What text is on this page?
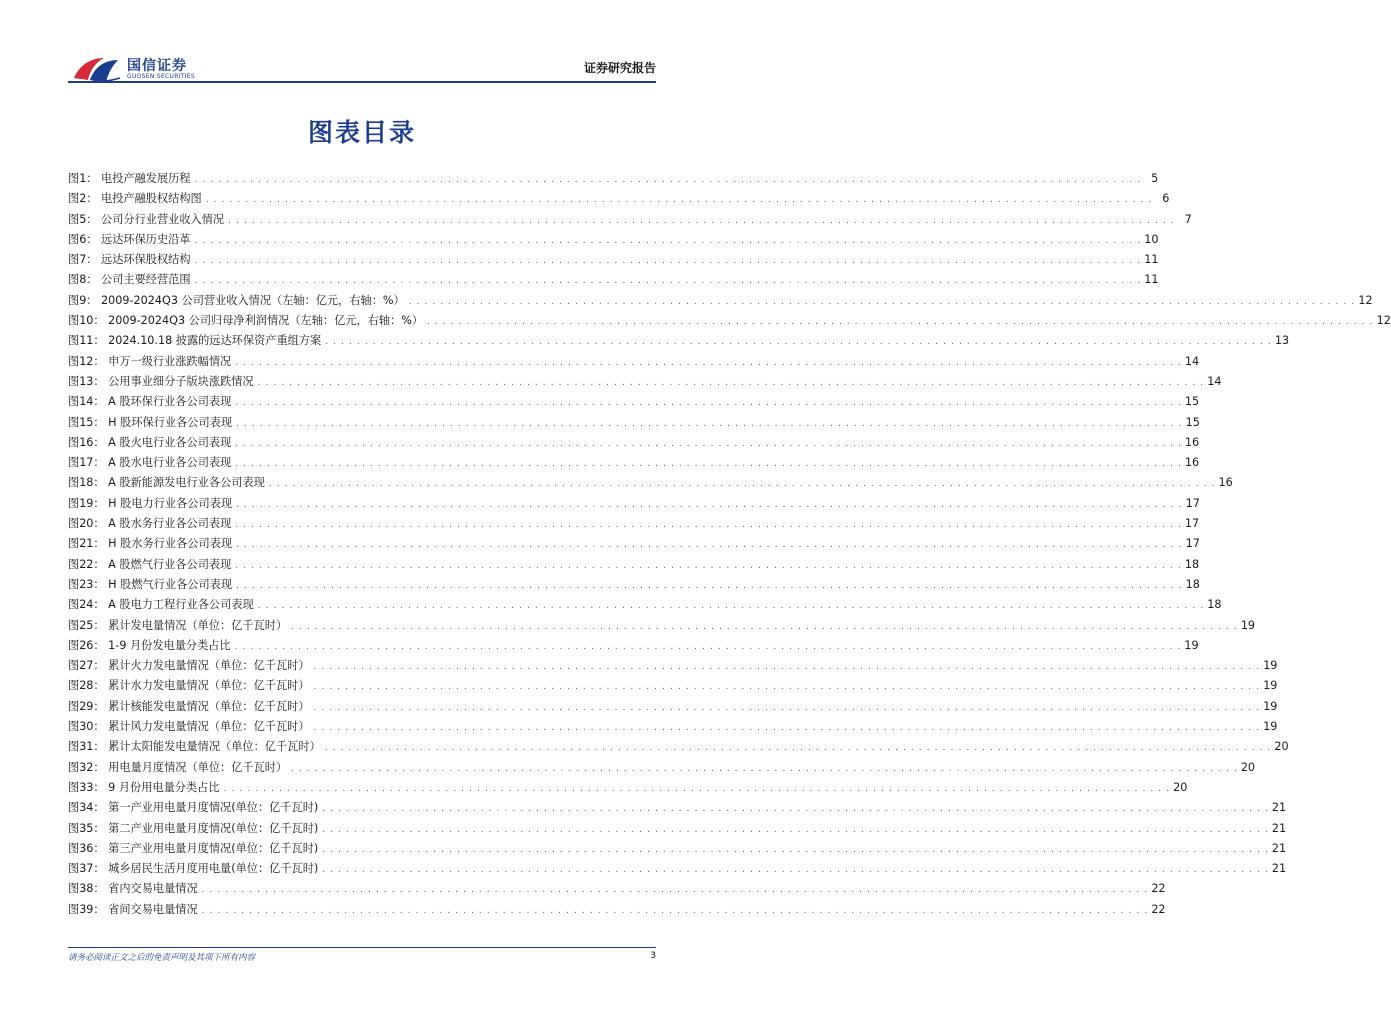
国信证券
GUOSEN SECURITIES
证券研究报告
图表目录
图1： 电投产融发展历程 . . . . . . . . . . . . . . . . . . . . . . . . . . . . . . . . . . . . . . . . . . . . . . . . . . . . . . . . . . . . . . . . . . . . . . . . . . . . . . . . . . . . . . . . . . . . . . . . . . . . . . . . . . . . . . . . . . . . . . . . 5
图2： 电投产融股权结构图 . . . . . . . . . . . . . . . . . . . . . . . . . . . . . . . . . . . . . . . . . . . . . . . . . . . . . . . . . . . . . . . . . . . . . . . . . . . . . . . . . . . . . . . . . . . . . . . . . . . . . . . . . . . . . . . . . . . . . . . . 6
图5： 公司分行业营业收入情况 . . . . . . . . . . . . . . . . . . . . . . . . . . . . . . . . . . . . . . . . . . . . . . . . . . . . . . . . . . . . . . . . . . . . . . . . . . . . . . . . . . . . . . . . . . . . . . . . . . . . . . . . . . . . . . . . . . . . . . . . 7
图6： 远达环保历史沿革 . . . . . . . . . . . . . . . . . . . . . . . . . . . . . . . . . . . . . . . . . . . . . . . . . . . . . . . . . . . . . . . . . . . . . . . . . . . . . . . . . . . . . . . . . . . . . . . . . . . . . . . . . . . . . . . . . . . . . . . . 10
图7： 远达环保股权结构 . . . . . . . . . . . . . . . . . . . . . . . . . . . . . . . . . . . . . . . . . . . . . . . . . . . . . . . . . . . . . . . . . . . . . . . . . . . . . . . . . . . . . . . . . . . . . . . . . . . . . . . . . . . . . . . . . . . . . . . . 11
图8： 公司主要经营范围 . . . . . . . . . . . . . . . . . . . . . . . . . . . . . . . . . . . . . . . . . . . . . . . . . . . . . . . . . . . . . . . . . . . . . . . . . . . . . . . . . . . . . . . . . . . . . . . . . . . . . . . . . . . . . . . . . . . . . . . . 11
图9： 2009-2024Q3 公司营业收入情况（左轴：亿元，右轴：%） . . . . . . . . . . . . . . . . . . . . . . . . . . . . . . . . . . . . . . . . . . . . . . . . . . . . . . . . . . . . . . . . . . . . . . . . . . . . . . . . . . . . . . . . . . . . . . . . . . . . . . . . . . . . . . . . . . . . . . . . 12
图10： 2009-2024Q3 公司归母净利润情况（左轴：亿元，右轴：%） . . . . . . . . . . . . . . . . . . . . . . . . . . . . . . . . . . . . . . . . . . . . . . . . . . . . . . . . . . . . . . . . . . . . . . . . . . . . . . . . . . . . . . . . . . . . . . . . . . . . . . . . . . . . . . . . . . . . . . . . 12
图11： 2024.10.18 披露的远达环保资产重组方案 . . . . . . . . . . . . . . . . . . . . . . . . . . . . . . . . . . . . . . . . . . . . . . . . . . . . . . . . . . . . . . . . . . . . . . . . . . . . . . . . . . . . . . . . . . . . . . . . . . . . . . . . . . . . . . . . . . . . . . . . 13
图12： 申万一级行业涨跌幅情况 . . . . . . . . . . . . . . . . . . . . . . . . . . . . . . . . . . . . . . . . . . . . . . . . . . . . . . . . . . . . . . . . . . . . . . . . . . . . . . . . . . . . . . . . . . . . . . . . . . . . . . . . . . . . . . . . . . . . . . . . 14
图13： 公用事业细分子版块涨跌情况 . . . . . . . . . . . . . . . . . . . . . . . . . . . . . . . . . . . . . . . . . . . . . . . . . . . . . . . . . . . . . . . . . . . . . . . . . . . . . . . . . . . . . . . . . . . . . . . . . . . . . . . . . . . . . . . . . . . . . . . . 14
图14： A 股环保行业各公司表现 . . . . . . . . . . . . . . . . . . . . . . . . . . . . . . . . . . . . . . . . . . . . . . . . . . . . . . . . . . . . . . . . . . . . . . . . . . . . . . . . . . . . . . . . . . . . . . . . . . . . . . . . . . . . . . . . . . . . . . . . 15
图15： H 股环保行业各公司表现 . . . . . . . . . . . . . . . . . . . . . . . . . . . . . . . . . . . . . . . . . . . . . . . . . . . . . . . . . . . . . . . . . . . . . . . . . . . . . . . . . . . . . . . . . . . . . . . . . . . . . . . . . . . . . . . . . . . . . . . . 15
图16： A 股火电行业各公司表现 . . . . . . . . . . . . . . . . . . . . . . . . . . . . . . . . . . . . . . . . . . . . . . . . . . . . . . . . . . . . . . . . . . . . . . . . . . . . . . . . . . . . . . . . . . . . . . . . . . . . . . . . . . . . . . . . . . . . . . . . 16
图17： A 股水电行业各公司表现 . . . . . . . . . . . . . . . . . . . . . . . . . . . . . . . . . . . . . . . . . . . . . . . . . . . . . . . . . . . . . . . . . . . . . . . . . . . . . . . . . . . . . . . . . . . . . . . . . . . . . . . . . . . . . . . . . . . . . . . . 16
图18： A 股新能源发电行业各公司表现 . . . . . . . . . . . . . . . . . . . . . . . . . . . . . . . . . . . . . . . . . . . . . . . . . . . . . . . . . . . . . . . . . . . . . . . . . . . . . . . . . . . . . . . . . . . . . . . . . . . . . . . . . . . . . . . . . . . . . . . . 16
图19： H 股电力行业各公司表现 . . . . . . . . . . . . . . . . . . . . . . . . . . . . . . . . . . . . . . . . . . . . . . . . . . . . . . . . . . . . . . . . . . . . . . . . . . . . . . . . . . . . . . . . . . . . . . . . . . . . . . . . . . . . . . . . . . . . . . . . 17
图20： A 股水务行业各公司表现 . . . . . . . . . . . . . . . . . . . . . . . . . . . . . . . . . . . . . . . . . . . . . . . . . . . . . . . . . . . . . . . . . . . . . . . . . . . . . . . . . . . . . . . . . . . . . . . . . . . . . . . . . . . . . . . . . . . . . . . . 17
图21： H 股水务行业各公司表现 . . . . . . . . . . . . . . . . . . . . . . . . . . . . . . . . . . . . . . . . . . . . . . . . . . . . . . . . . . . . . . . . . . . . . . . . . . . . . . . . . . . . . . . . . . . . . . . . . . . . . . . . . . . . . . . . . . . . . . . . 17
图22： A 股燃气行业各公司表现 . . . . . . . . . . . . . . . . . . . . . . . . . . . . . . . . . . . . . . . . . . . . . . . . . . . . . . . . . . . . . . . . . . . . . . . . . . . . . . . . . . . . . . . . . . . . . . . . . . . . . . . . . . . . . . . . . . . . . . . . 18
图23： H 股燃气行业各公司表现 . . . . . . . . . . . . . . . . . . . . . . . . . . . . . . . . . . . . . . . . . . . . . . . . . . . . . . . . . . . . . . . . . . . . . . . . . . . . . . . . . . . . . . . . . . . . . . . . . . . . . . . . . . . . . . . . . . . . . . . . 18
图24： A 股电力工程行业各公司表现 . . . . . . . . . . . . . . . . . . . . . . . . . . . . . . . . . . . . . . . . . . . . . . . . . . . . . . . . . . . . . . . . . . . . . . . . . . . . . . . . . . . . . . . . . . . . . . . . . . . . . . . . . . . . . . . . . . . . . . . . 18
图25： 累计发电量情况（单位：亿千瓦时） . . . . . . . . . . . . . . . . . . . . . . . . . . . . . . . . . . . . . . . . . . . . . . . . . . . . . . . . . . . . . . . . . . . . . . . . . . . . . . . . . . . . . . . . . . . . . . . . . . . . . . . . . . . . . . . . . . . . . . . . 19
图26： 1-9 月份发电量分类占比 . . . . . . . . . . . . . . . . . . . . . . . . . . . . . . . . . . . . . . . . . . . . . . . . . . . . . . . . . . . . . . . . . . . . . . . . . . . . . . . . . . . . . . . . . . . . . . . . . . . . . . . . . . . . . . . . . . . . . . . . 19
图27： 累计火力发电量情况（单位：亿千瓦时） . . . . . . . . . . . . . . . . . . . . . . . . . . . . . . . . . . . . . . . . . . . . . . . . . . . . . . . . . . . . . . . . . . . . . . . . . . . . . . . . . . . . . . . . . . . . . . . . . . . . . . . . . . . . . . . . . . . . . . . . 19
图28： 累计水力发电量情况（单位：亿千瓦时） . . . . . . . . . . . . . . . . . . . . . . . . . . . . . . . . . . . . . . . . . . . . . . . . . . . . . . . . . . . . . . . . . . . . . . . . . . . . . . . . . . . . . . . . . . . . . . . . . . . . . . . . . . . . . . . . . . . . . . . . 19
图29： 累计核能发电量情况（单位：亿千瓦时） . . . . . . . . . . . . . . . . . . . . . . . . . . . . . . . . . . . . . . . . . . . . . . . . . . . . . . . . . . . . . . . . . . . . . . . . . . . . . . . . . . . . . . . . . . . . . . . . . . . . . . . . . . . . . . . . . . . . . . . . 19
图30： 累计风力发电量情况（单位：亿千瓦时） . . . . . . . . . . . . . . . . . . . . . . . . . . . . . . . . . . . . . . . . . . . . . . . . . . . . . . . . . . . . . . . . . . . . . . . . . . . . . . . . . . . . . . . . . . . . . . . . . . . . . . . . . . . . . . . . . . . . . . . . 19
图31： 累计太阳能发电量情况（单位：亿千瓦时） . . . . . . . . . . . . . . . . . . . . . . . . . . . . . . . . . . . . . . . . . . . . . . . . . . . . . . . . . . . . . . . . . . . . . . . . . . . . . . . . . . . . . . . . . . . . . . . . . . . . . . . . . . . . . . . . . . . . . . . . 20
图32： 用电量月度情况（单位：亿千瓦时） . . . . . . . . . . . . . . . . . . . . . . . . . . . . . . . . . . . . . . . . . . . . . . . . . . . . . . . . . . . . . . . . . . . . . . . . . . . . . . . . . . . . . . . . . . . . . . . . . . . . . . . . . . . . . . . . . . . . . . . . 20
图33： 9 月份用电量分类占比 . . . . . . . . . . . . . . . . . . . . . . . . . . . . . . . . . . . . . . . . . . . . . . . . . . . . . . . . . . . . . . . . . . . . . . . . . . . . . . . . . . . . . . . . . . . . . . . . . . . . . . . . . . . . . . . . . . . . . . . . 20
图34： 第一产业用电量月度情况(单位：亿千瓦时) . . . . . . . . . . . . . . . . . . . . . . . . . . . . . . . . . . . . . . . . . . . . . . . . . . . . . . . . . . . . . . . . . . . . . . . . . . . . . . . . . . . . . . . . . . . . . . . . . . . . . . . . . . . . . . . . . . . . . . . . 21
图35： 第二产业用电量月度情况(单位：亿千瓦时) . . . . . . . . . . . . . . . . . . . . . . . . . . . . . . . . . . . . . . . . . . . . . . . . . . . . . . . . . . . . . . . . . . . . . . . . . . . . . . . . . . . . . . . . . . . . . . . . . . . . . . . . . . . . . . . . . . . . . . . . 21
图36： 第三产业用电量月度情况(单位：亿千瓦时) . . . . . . . . . . . . . . . . . . . . . . . . . . . . . . . . . . . . . . . . . . . . . . . . . . . . . . . . . . . . . . . . . . . . . . . . . . . . . . . . . . . . . . . . . . . . . . . . . . . . . . . . . . . . . . . . . . . . . . . . 21
图37： 城乡居民生活月度用电量(单位：亿千瓦时) . . . . . . . . . . . . . . . . . . . . . . . . . . . . . . . . . . . . . . . . . . . . . . . . . . . . . . . . . . . . . . . . . . . . . . . . . . . . . . . . . . . . . . . . . . . . . . . . . . . . . . . . . . . . . . . . . . . . . . . . 21
图38： 省内交易电量情况 . . . . . . . . . . . . . . . . . . . . . . . . . . . . . . . . . . . . . . . . . . . . . . . . . . . . . . . . . . . . . . . . . . . . . . . . . . . . . . . . . . . . . . . . . . . . . . . . . . . . . . . . . . . . . . . . . . . . . . . . 22
图39： 省间交易电量情况 . . . . . . . . . . . . . . . . . . . . . . . . . . . . . . . . . . . . . . . . . . . . . . . . . . . . . . . . . . . . . . . . . . . . . . . . . . . . . . . . . . . . . . . . . . . . . . . . . . . . . . . . . . . . . . . . . . . . . . . . 22
请务必阅读正文之后的免责声明及其项下所有内容	3
